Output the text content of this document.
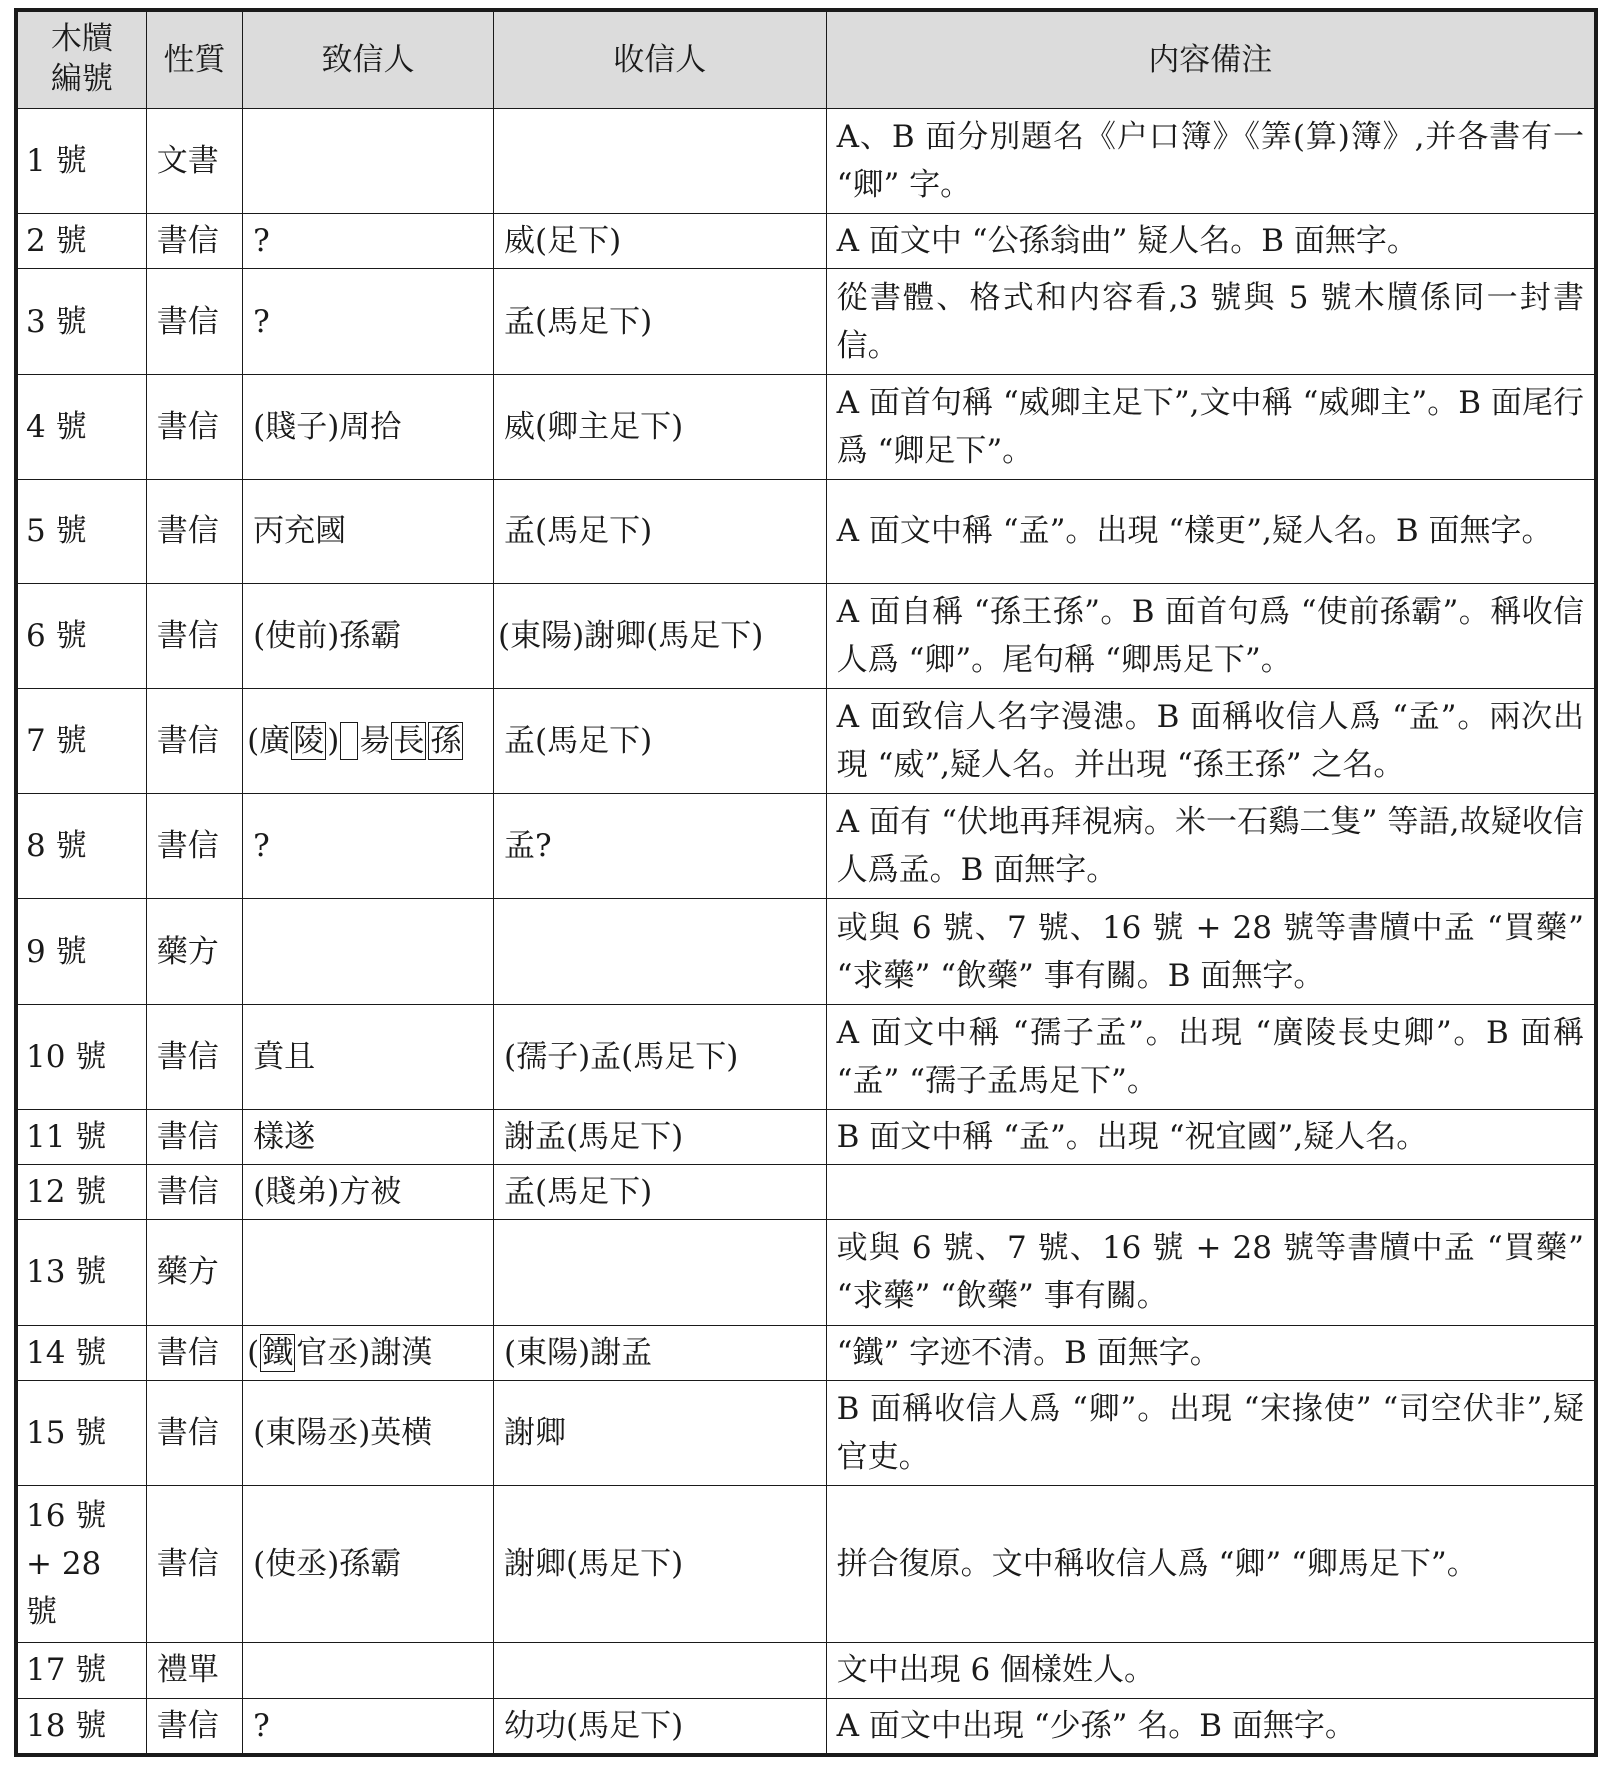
木牘編號	性質	致信人	收信人	内容備注
1 號	文書			A、B 面分別題名《户口簿》《筭(算)簿》,并各書有一 “卿” 字。
2 號	書信	?	威(足下)	A 面文中 “公孫翁曲” 疑人名。B 面無字。
3 號	書信	?	孟(馬足下)	從書體、格式和内容看,3 號與 5 號木牘係同一封書信。
4 號	書信	(賤子)周拾	威(卿主足下)	A 面首句稱 “威卿主足下”,文中稱 “威卿主”。B 面尾行爲 “卿足下”。
5 號	書信	丙充國	孟(馬足下)	A 面文中稱 “孟”。出現 “樣更”,疑人名。B 面無字。
6 號	書信	(使前)孫霸	(東陽)謝卿(馬足下)	A 面自稱 “孫王孫”。B 面首句爲 “使前孫霸”。稱收信人爲 “卿”。尾句稱 “卿馬足下”。
7 號	書信	(廣陵) 昜長 孫	孟(馬足下)	A 面致信人名字漫漶。B 面稱收信人爲 “孟”。兩次出現 “威”,疑人名。并出現 “孫王孫” 之名。
8 號	書信	?	孟?	A 面有 “伏地再拜視病。米一石鷄二隻” 等語,故疑收信人爲孟。B 面無字。
9 號	藥方			或與 6 號、7 號、16 號 + 28 號等書牘中孟 “買藥” “求藥” “飲藥” 事有關。B 面無字。
10 號	書信	賁且	(孺子)孟(馬足下)	A 面文中稱 “孺子孟”。出現 “廣陵長史卿”。B 面稱 “孟” “孺子孟馬足下”。
11 號	書信	樣遂	謝孟(馬足下)	B 面文中稱 “孟”。出現 “祝宜國”,疑人名。
12 號	書信	(賤弟)方被	孟(馬足下)	
13 號	藥方			或與 6 號、7 號、16 號 + 28 號等書牘中孟 “買藥” “求藥” “飲藥” 事有關。
14 號	書信	(鐵官丞)謝漢	(東陽)謝孟	“鐵” 字迹不清。B 面無字。
15 號	書信	(東陽丞)英横	謝卿	B 面稱收信人爲 “卿”。出現 “宋掾使” “司空伏非”,疑官吏。
16 號 + 28 號	書信	(使丞)孫霸	謝卿(馬足下)	拼合復原。文中稱收信人爲 “卿” “卿馬足下”。
17 號	禮單			文中出現 6 個樣姓人。
18 號	書信	?	幼功(馬足下)	A 面文中出現 “少孫” 名。B 面無字。
